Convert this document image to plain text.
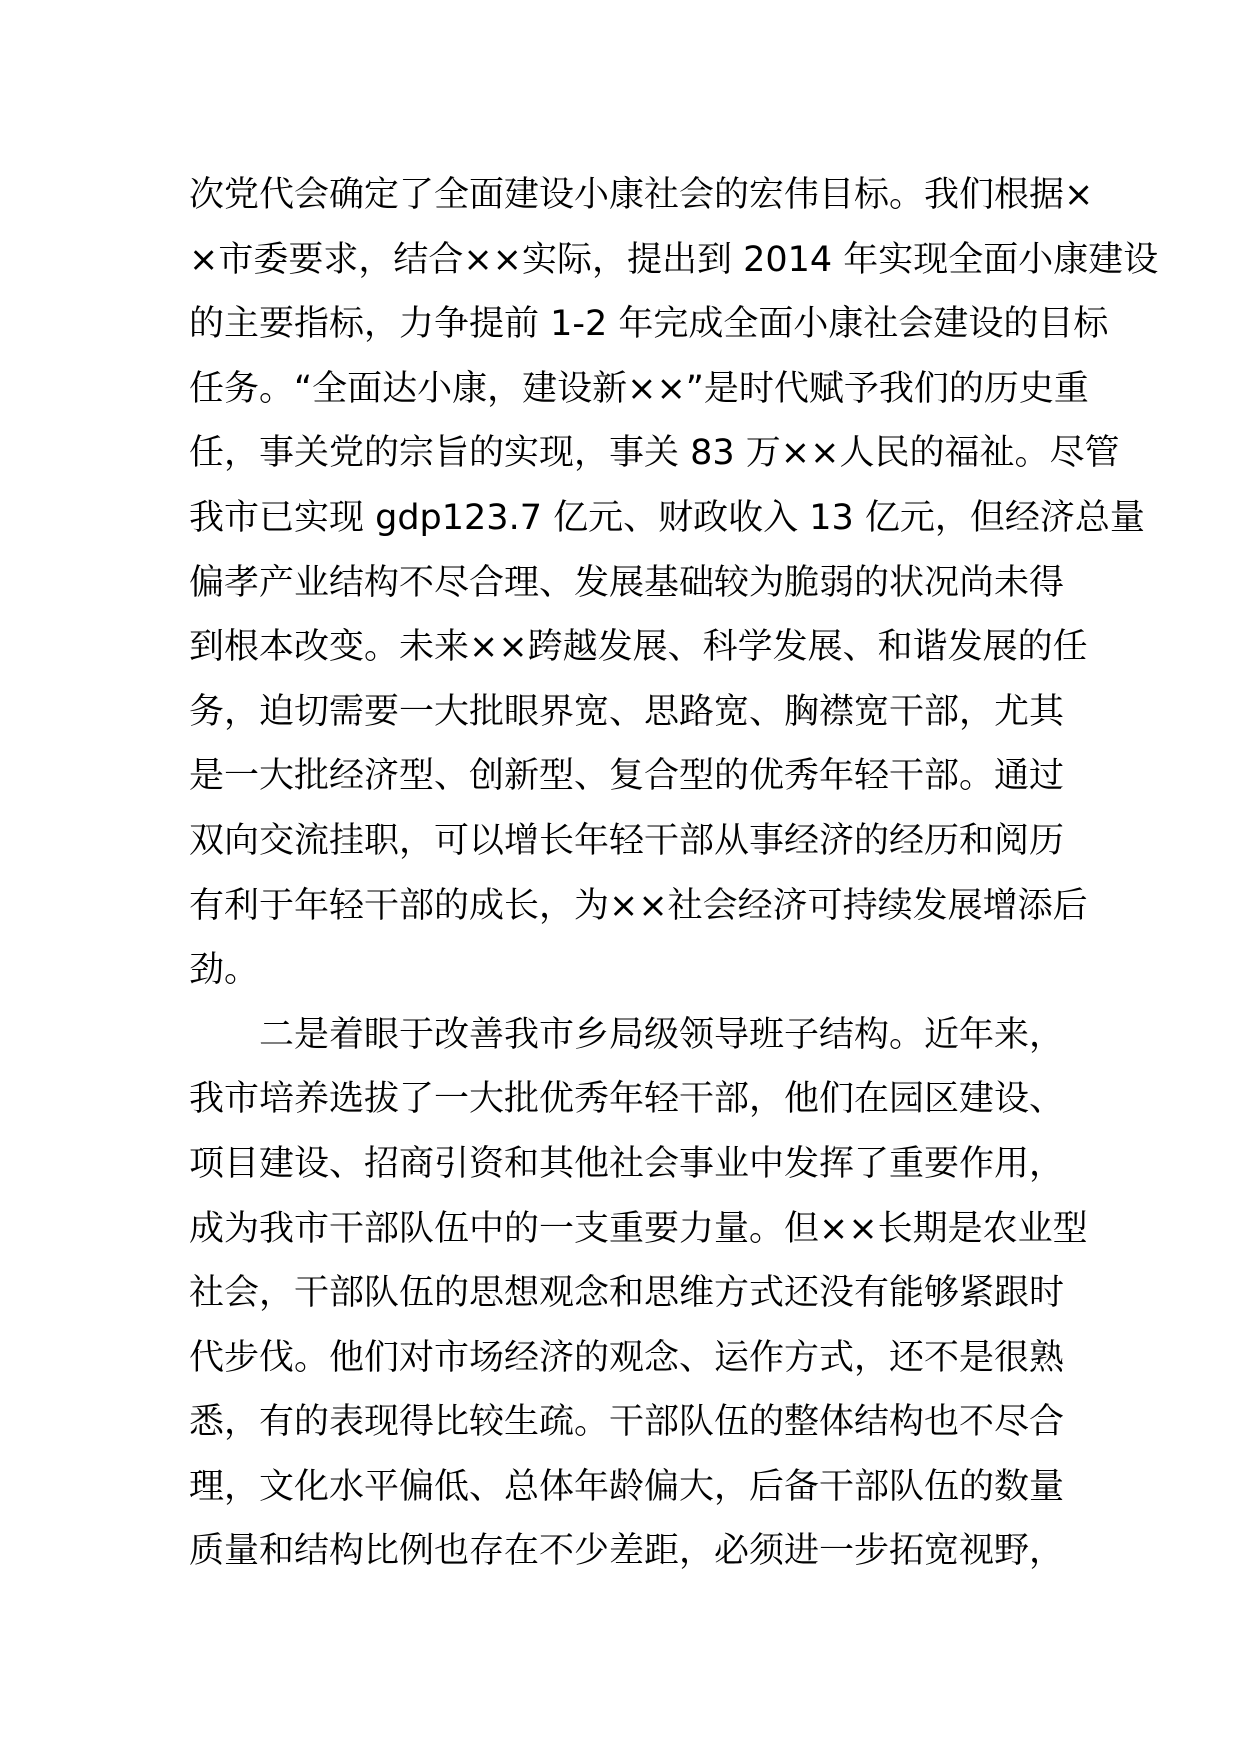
次党代会确定了全面建设小康社会的宏伟目标。我们根据×
×市委要求，结合××实际，提出到 2014 年实现全面小康建设
的主要指标，力争提前 1-2 年完成全面小康社会建设的目标
任务。“全面达小康，建设新××”是时代赋予我们的历史重
任，事关党的宗旨的实现，事关 83 万××人民的福祉。尽管
我市已实现 gdp123.7 亿元、财政收入 13 亿元，但经济总量
偏孝产业结构不尽合理、发展基础较为脆弱的状况尚未得
到根本改变。未来××跨越发展、科学发展、和谐发展的任
务，迫切需要一大批眼界宽、思路宽、胸襟宽干部，尤其
是一大批经济型、创新型、复合型的优秀年轻干部。通过
双向交流挂职，可以增长年轻干部从事经济的经历和阅历
有利于年轻干部的成长，为××社会经济可持续发展增添后
劲。
二是着眼于改善我市乡局级领导班子结构。近年来，
我市培养选拔了一大批优秀年轻干部，他们在园区建设、
项目建设、招商引资和其他社会事业中发挥了重要作用，
成为我市干部队伍中的一支重要力量。但××长期是农业型
社会，干部队伍的思想观念和思维方式还没有能够紧跟时
代步伐。他们对市场经济的观念、运作方式，还不是很熟
悉，有的表现得比较生疏。干部队伍的整体结构也不尽合
理，文化水平偏低、总体年龄偏大，后备干部队伍的数量
质量和结构比例也存在不少差距，必须进一步拓宽视野，
